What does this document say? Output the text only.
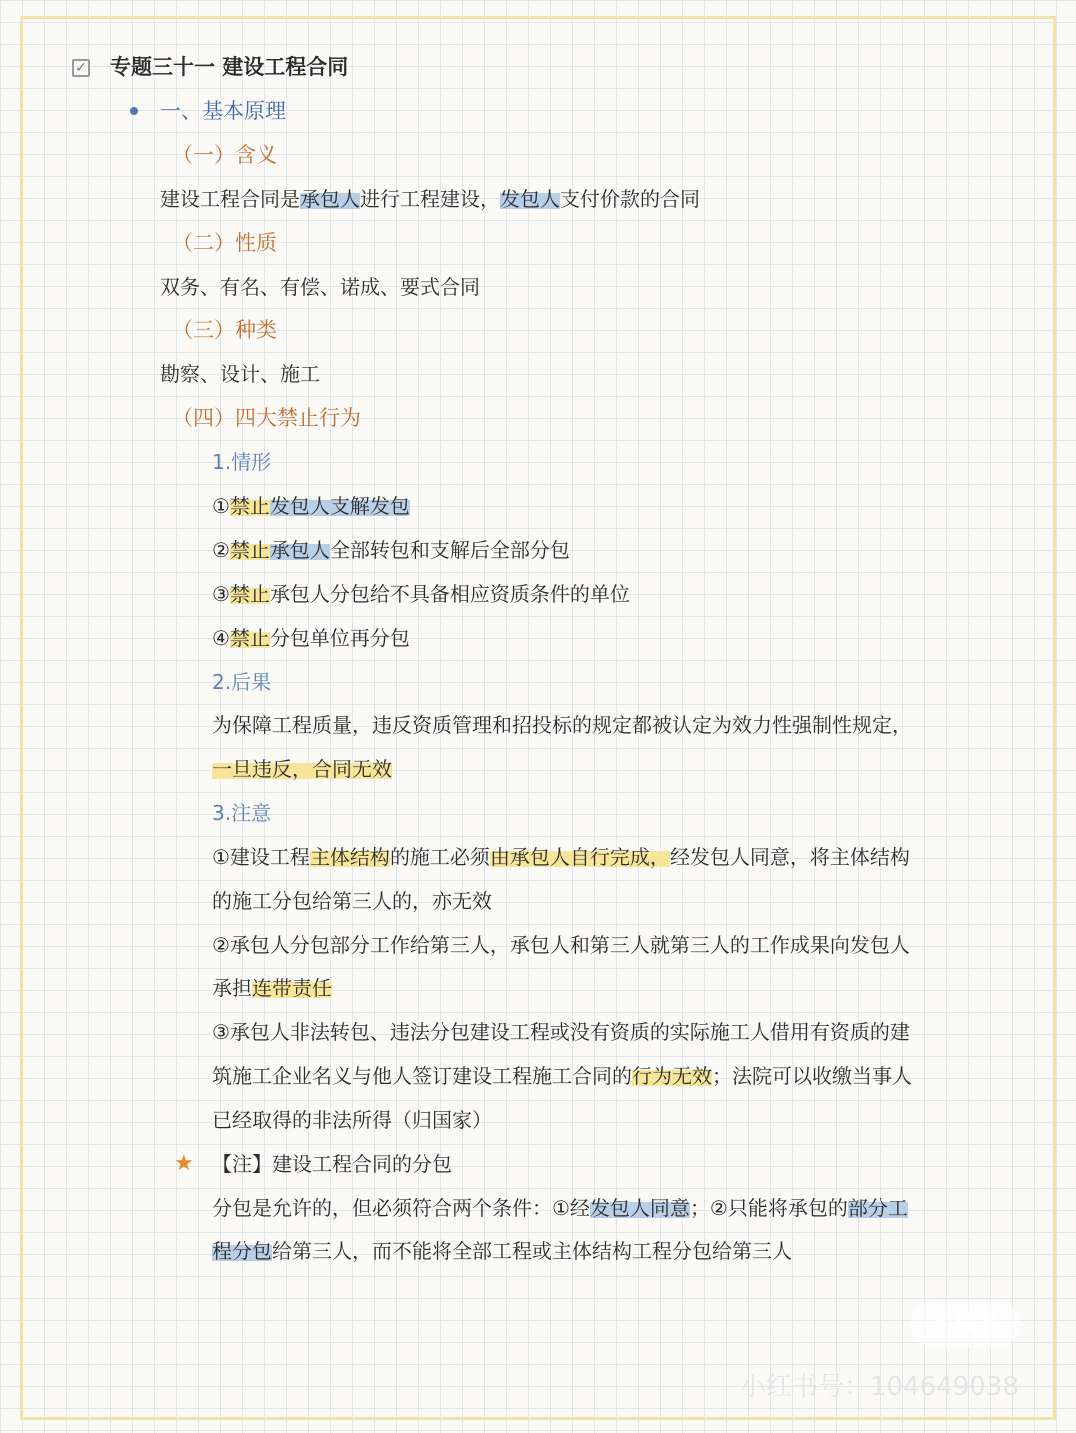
✓ 专题三十一 建设工程合同
一、基本原理
（一）含义
建设工程合同是承包人进行工程建设，发包人支付价款的合同
（二）性质
双务、有名、有偿、诺成、要式合同
（三）种类
勘察、设计、施工
（四）四大禁止行为
1.情形
①禁止发包人支解发包
②禁止承包人全部转包和支解后全部分包
③禁止承包人分包给不具备相应资质条件的单位
④禁止分包单位再分包
2.后果
为保障工程质量，违反资质管理和招投标的规定都被认定为效力性强制性规定，
一旦违反，合同无效
3.注意
①建设工程主体结构的施工必须由承包人自行完成，经发包人同意，将主体结构
的施工分包给第三人的，亦无效
②承包人分包部分工作给第三人，承包人和第三人就第三人的工作成果向发包人
承担连带责任
③承包人非法转包、违法分包建设工程或没有资质的实际施工人借用有资质的建
筑施工企业名义与他人签订建设工程施工合同的行为无效；法院可以收缴当事人
已经取得的非法所得（归国家）
★ 【注】建设工程合同的分包
分包是允许的，但必须符合两个条件：①经发包人同意；②只能将承包的部分工
程分包给第三人，而不能将全部工程或主体结构工程分包给第三人
小红书
小红书号：104649038
